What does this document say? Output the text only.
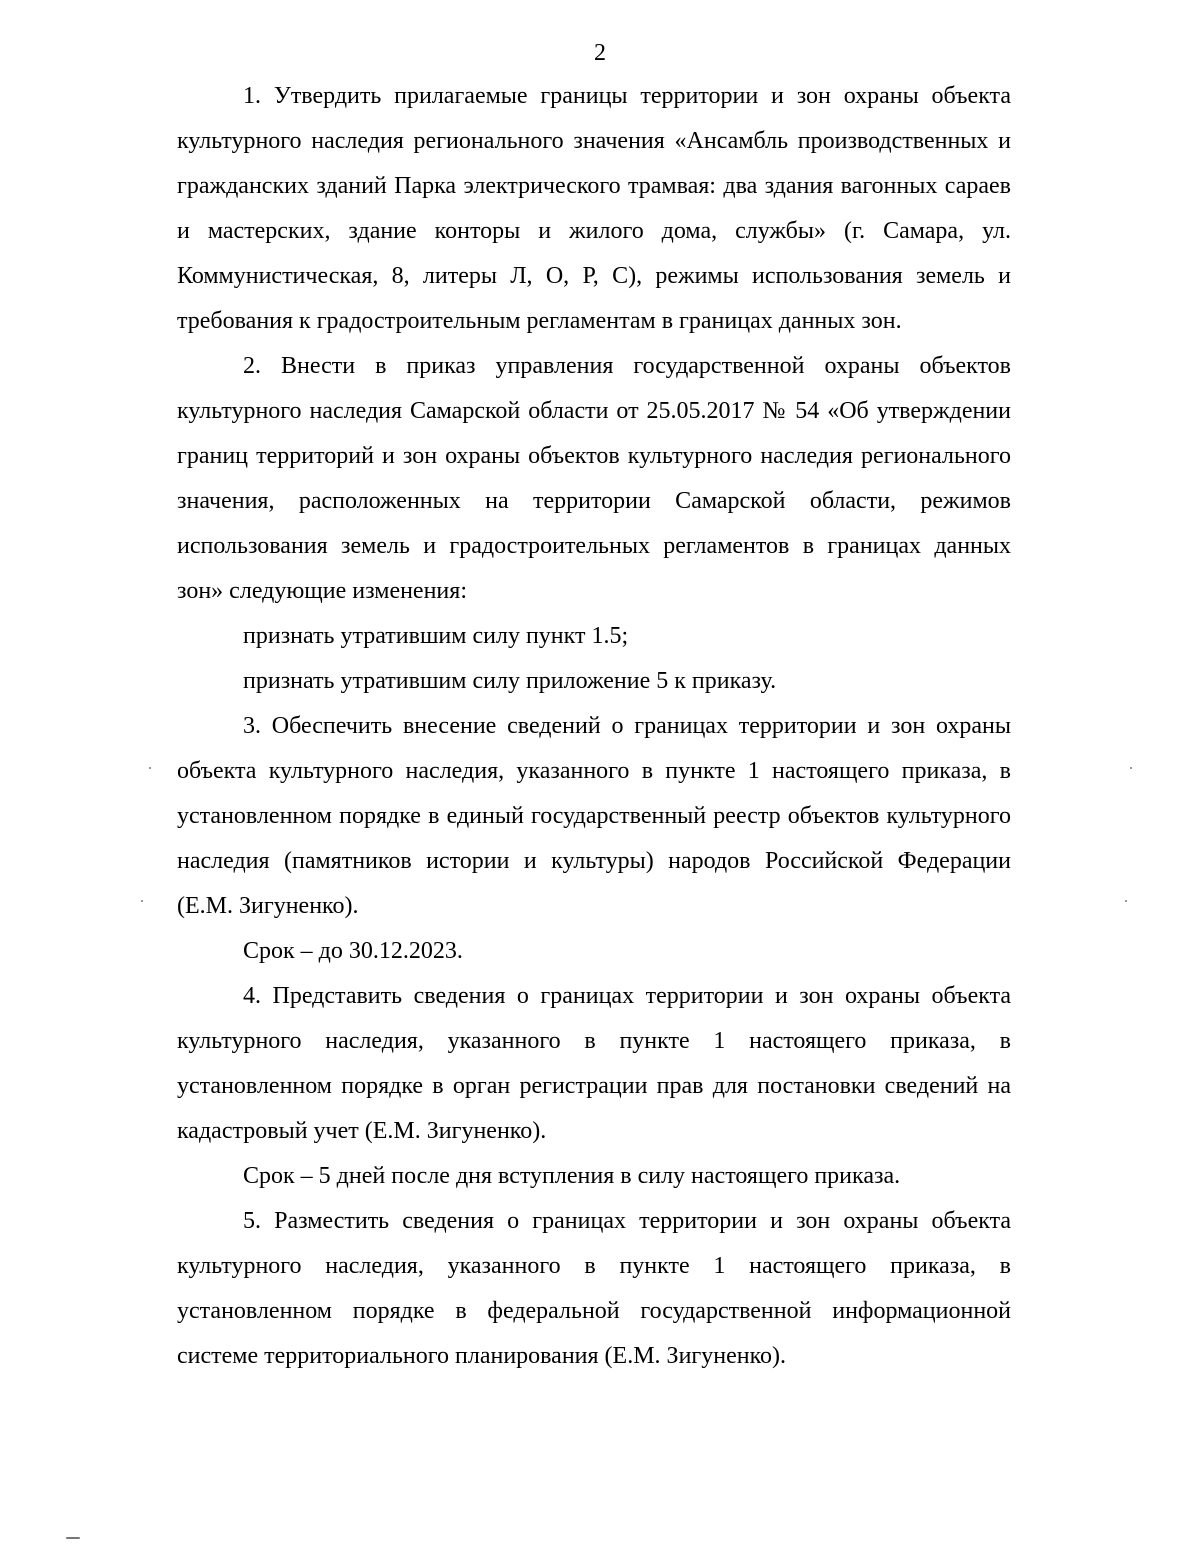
2

1. Утвердить прилагаемые границы территории и зон охраны объекта культурного наследия регионального значения «Ансамбль производственных и гражданских зданий Парка электрического трамвая: два здания вагонных сараев и мастерских, здание конторы и жилого дома, службы» (г. Самара, ул. Коммунистическая, 8, литеры Л, О, Р, С), режимы использования земель и требования к градостроительным регламентам в границах данных зон.

2. Внести в приказ управления государственной охраны объектов культурного наследия Самарской области от 25.05.2017 № 54 «Об утверждении границ территорий и зон охраны объектов культурного наследия регионального значения, расположенных на территории Самарской области, режимов использования земель и градостроительных регламентов в границах данных зон» следующие изменения:

признать утратившим силу пункт 1.5;

признать утратившим силу приложение 5 к приказу.

3. Обеспечить внесение сведений о границах территории и зон охраны объекта культурного наследия, указанного в пункте 1 настоящего приказа, в установленном порядке в единый государственный реестр объектов культурного наследия (памятников истории и культуры) народов Российской Федерации (Е.М. Зигуненко).

Срок – до 30.12.2023.

4. Представить сведения о границах территории и зон охраны объекта культурного наследия, указанного в пункте 1 настоящего приказа, в установленном порядке в орган регистрации прав для постановки сведений на кадастровый учет (Е.М. Зигуненко).

Срок – 5 дней после дня вступления в силу настоящего приказа.

5. Разместить сведения о границах территории и зон охраны объекта культурного наследия, указанного в пункте 1 настоящего приказа, в установленном порядке в федеральной государственной информационной системе территориального планирования (Е.М. Зигуненко).
